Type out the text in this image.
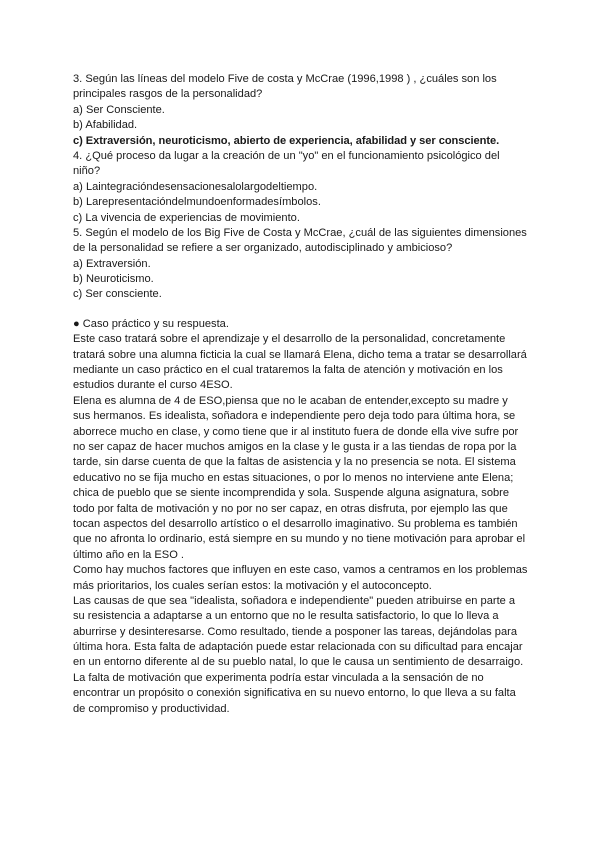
3. Según las líneas del modelo Five de costa y McCrae (1996,1998 ) , ¿cuáles son los
principales rasgos de la personalidad?
a) Ser Consciente.
b) Afabilidad.
c) Extraversión, neuroticismo, abierto de experiencia, afabilidad y ser consciente.
4. ¿Qué proceso da lugar a la creación de un "yo" en el funcionamiento psicológico del
niño?
a) Laintegracióndesensacionesalolargodeltiempo.
b) Larepresentacióndelmundoenformadesímbolos.
c) La vivencia de experiencias de movimiento.
5. Según el modelo de los Big Five de Costa y McCrae, ¿cuál de las siguientes dimensiones
de la personalidad se refiere a ser organizado, autodisciplinado y ambicioso?
a) Extraversión.
b) Neuroticismo.
c) Ser consciente.
● Caso práctico y su respuesta.
Este caso tratará sobre el aprendizaje y el desarrollo de la personalidad, concretamente
tratará sobre una alumna ficticia la cual se llamará Elena, dicho tema a tratar se desarrollará
mediante un caso práctico en el cual trataremos la falta de atención y motivación en los
estudios durante el curso 4ESO.
Elena es alumna de 4 de ESO,piensa que no le acaban de entender,excepto su madre y
sus hermanos. Es idealista, soñadora e independiente pero deja todo para última hora, se
aborrece mucho en clase, y como tiene que ir al instituto fuera de donde ella vive sufre por
no ser capaz de hacer muchos amigos en la clase y le gusta ir a las tiendas de ropa por la
tarde, sin darse cuenta de que la faltas de asistencia y la no presencia se nota. El sistema
educativo no se fija mucho en estas situaciones, o por lo menos no interviene ante Elena;
chica de pueblo que se siente incomprendida y sola. Suspende alguna asignatura, sobre
todo por falta de motivación y no por no ser capaz, en otras disfruta, por ejemplo las que
tocan aspectos del desarrollo artístico o el desarrollo imaginativo. Su problema es también
que no afronta lo ordinario, está siempre en su mundo y no tiene motivación para aprobar el
último año en la ESO .
Como hay muchos factores que influyen en este caso, vamos a centramos en los problemas
más prioritarios, los cuales serían estos: la motivación y el autoconcepto.
Las causas de que sea "idealista, soñadora e independiente" pueden atribuirse en parte a
su resistencia a adaptarse a un entorno que no le resulta satisfactorio, lo que lo lleva a
aburrirse y desinteresarse. Como resultado, tiende a posponer las tareas, dejándolas para
última hora. Esta falta de adaptación puede estar relacionada con su dificultad para encajar
en un entorno diferente al de su pueblo natal, lo que le causa un sentimiento de desarraigo.
La falta de motivación que experimenta podría estar vinculada a la sensación de no
encontrar un propósito o conexión significativa en su nuevo entorno, lo que lleva a su falta
de compromiso y productividad.
